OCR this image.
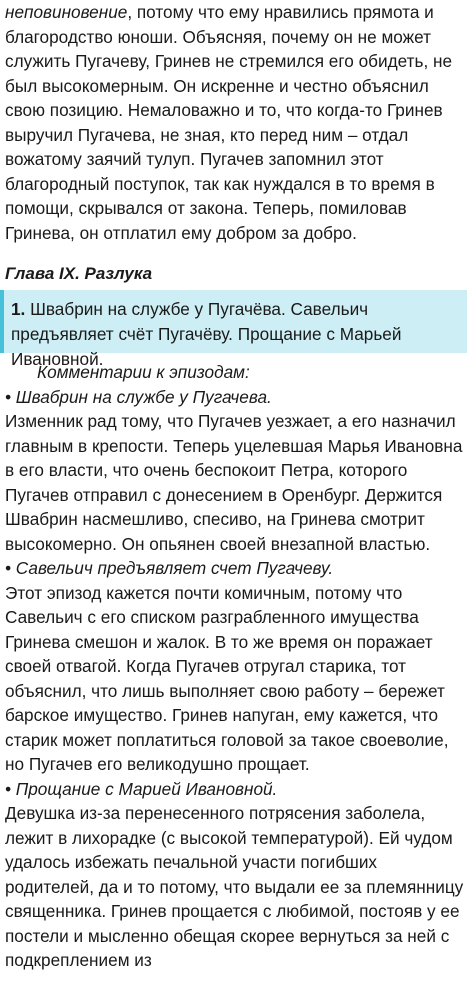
неповиновение, потому что ему нравились прямота и благородство юноши. Объясняя, почему он не может служить Пугачеву, Гринев не стремился его обидеть, не был высокомерным. Он искренне и честно объяснил свою позицию. Немаловажно и то, что когда-то Гринев выручил Пугачева, не зная, кто перед ним – отдал вожатому заячий тулуп. Пугачев запомнил этот благородный поступок, так как нуждался в то время в помощи, скрывался от закона. Теперь, помиловав Гринева, он отплатил ему добром за добро.

Глава IX. Разлука
1. Швабрин на службе у Пугачёва. Савельич предъявляет счёт Пугачёву. Прощание с Марьей Ивановной.

Комментарии к эпизодам:

• Швабрин на службе у Пугачева.

Изменник рад тому, что Пугачев уезжает, а его назначил главным в крепости. Теперь уцелевшая Марья Ивановна в его власти, что очень беспокоит Петра, которого Пугачев отправил с донесением в Оренбург. Держится Швабрин насмешливо, спесиво, на Гринева смотрит высокомерно. Он опьянен своей внезапной властью.

• Савельич предъявляет счет Пугачеву.

Этот эпизод кажется почти комичным, потому что Савельич с его списком разграбленного имущества Гринева смешон и жалок. В то же время он поражает своей отвагой. Когда Пугачев отругал старика, тот объяснил, что лишь выполняет свою работу – бережет барское имущество. Гринев напуган, ему кажется, что старик может поплатиться головой за такое своеволие, но Пугачев его великодушно прощает.

• Прощание с Марией Ивановной.

Девушка из-за перенесенного потрясения заболела, лежит в лихорадке (с высокой температурой). Ей чудом удалось избежать печальной участи погибших родителей, да и то потому, что выдали ее за племянницу священника. Гринев прощается с любимой, постояв у ее постели и мысленно обещая скорее вернуться за ней с подкреплением из
